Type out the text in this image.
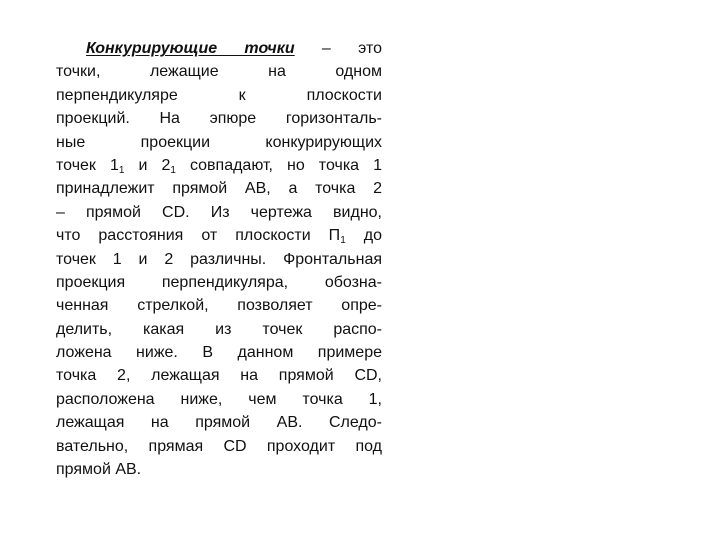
Конкурирующие точки – это
точки, лежащие на одном
перпендикуляре к плоскости
проекций. На эпюре горизонталь-
ные проекции конкурирующих
точек $1_1$ и $2_1$ совпадают, но точка 1
принадлежит прямой АВ, а точка 2
– прямой CD. Из чертежа видно,
что расстояния от плоскости $П_1$ до
точек 1 и 2 различны. Фронтальная
проекция перпендикуляра, обозна-
ченная стрелкой, позволяет опре-
делить, какая из точек распо-
ложена ниже. В данном примере
точка 2, лежащая на прямой CD,
расположена ниже, чем точка 1,
лежащая на прямой АВ. Следо-
вательно, прямая CD проходит под
прямой АВ.
